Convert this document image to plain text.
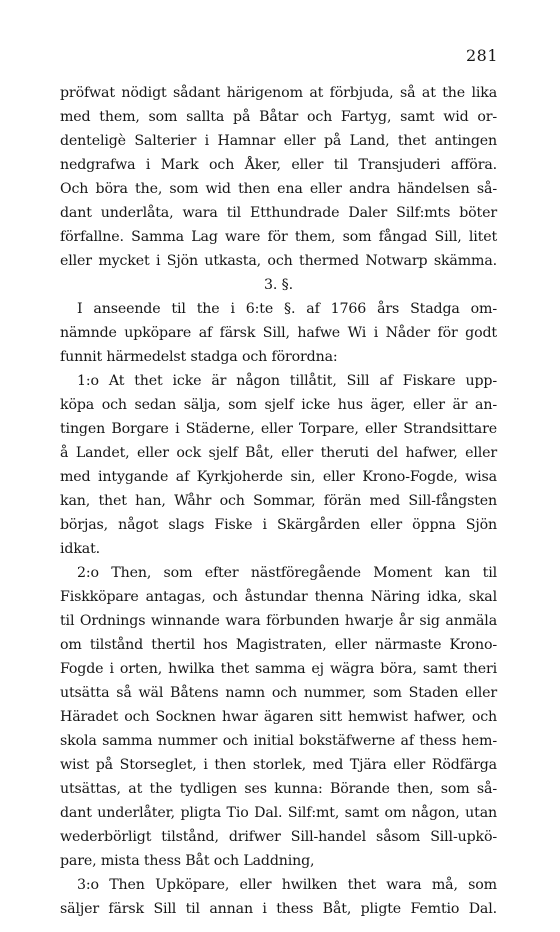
281
pröfwat nödigt sådant härigenom at förbjuda, så at the lika
med them, som sallta på Båtar och Fartyg, samt wid or-
denteligè Salterier i Hamnar eller på Land, thet antingen
nedgrafwa i Mark och Åker, eller til Transjuderi afföra.
Och böra the, som wid then ena eller andra händelsen så-
dant underlåta, wara til Etthundrade Daler Silf:mts böter
förfallne. Samma Lag ware för them, som fångad Sill, litet
eller mycket i Sjön utkasta, och thermed Notwarp skämma.
3. §.
I anseende til the i 6:te §. af 1766 års Stadga om-
nämnde upköpare af färsk Sill, hafwe Wi i Nåder för godt
funnit härmedelst stadga och förordna:
1:o At thet icke är någon tillåtit, Sill af Fiskare upp-
köpa och sedan sälja, som sjelf icke hus äger, eller är an-
tingen Borgare i Städerne, eller Torpare, eller Strandsittare
å Landet, eller ock sjelf Båt, eller theruti del hafwer, eller
med intygande af Kyrkjoherde sin, eller Krono-Fogde, wisa
kan, thet han, Wåhr och Sommar, förän med Sill-fångsten
börjas, något slags Fiske i Skärgården eller öppna Sjön
idkat.
2:o Then, som efter nästföregående Moment kan til
Fiskköpare antagas, och åstundar thenna Näring idka, skal
til Ordnings winnande wara förbunden hwarje år sig anmäla
om tilstånd thertil hos Magistraten, eller närmaste Krono-
Fogde i orten, hwilka thet samma ej wägra böra, samt theri
utsätta så wäl Båtens namn och nummer, som Staden eller
Häradet och Socknen hwar ägaren sitt hemwist hafwer, och
skola samma nummer och initial bokstäfwerne af thess hem-
wist på Storseglet, i then storlek, med Tjära eller Rödfärga
utsättas, at the tydligen ses kunna: Börande then, som så-
dant underlåter, pligta Tio Dal. Silf:mt, samt om någon, utan
wederbörligt tilstånd, drifwer Sill-handel såsom Sill-upkö-
pare, mista thess Båt och Laddning,
3:o Then Upköpare, eller hwilken thet wara må, som
säljer färsk Sill til annan i thess Båt, pligte Femtio Dal.
